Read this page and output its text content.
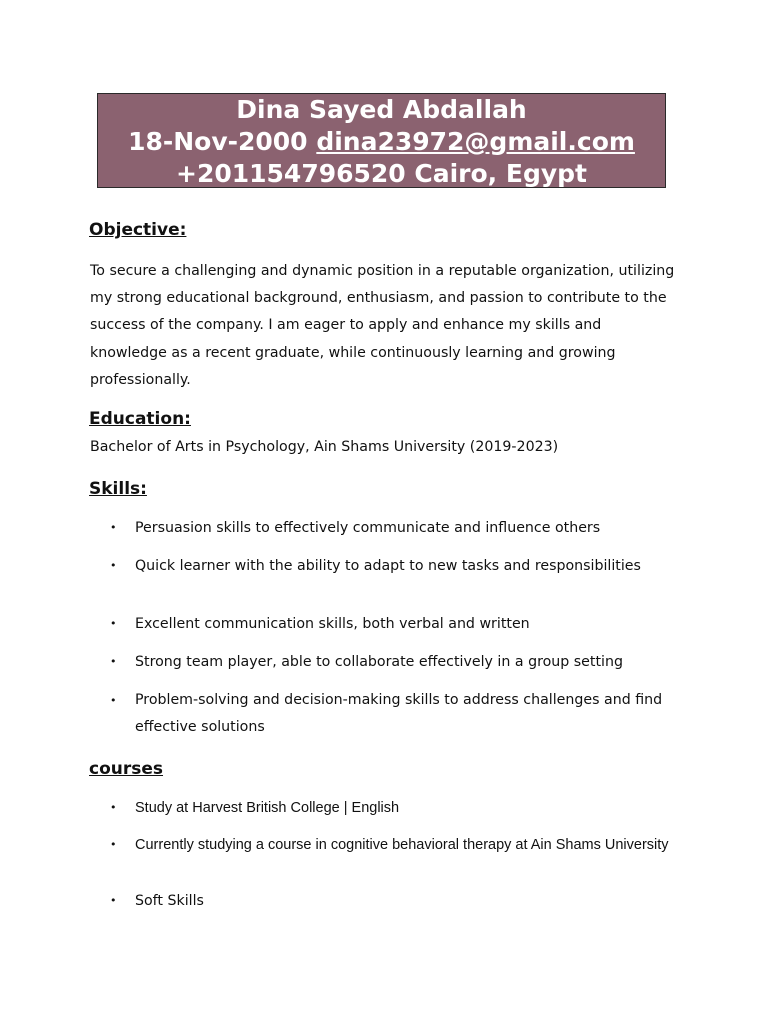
Dina Sayed Abdallah
18-Nov-2000 dina23972@gmail.com
+201154796520 Cairo, Egypt
Objective:

To secure a challenging and dynamic position in a reputable organization, utilizing my strong educational background, enthusiasm, and passion to contribute to the success of the company. I am eager to apply and enhance my skills and knowledge as a recent graduate, while continuously learning and growing professionally.

Education:

Bachelor of Arts in Psychology, Ain Shams University (2019-2023)

Skills:
• Persuasion skills to effectively communicate and influence others
• Quick learner with the ability to adapt to new tasks and responsibilities
• Excellent communication skills, both verbal and written
• Strong team player, able to collaborate effectively in a group setting
• Problem-solving and decision-making skills to address challenges and find effective solutions
courses
• Study at Harvest British College | English
• Currently studying a course in cognitive behavioral therapy at Ain Shams University
• Soft Skills
